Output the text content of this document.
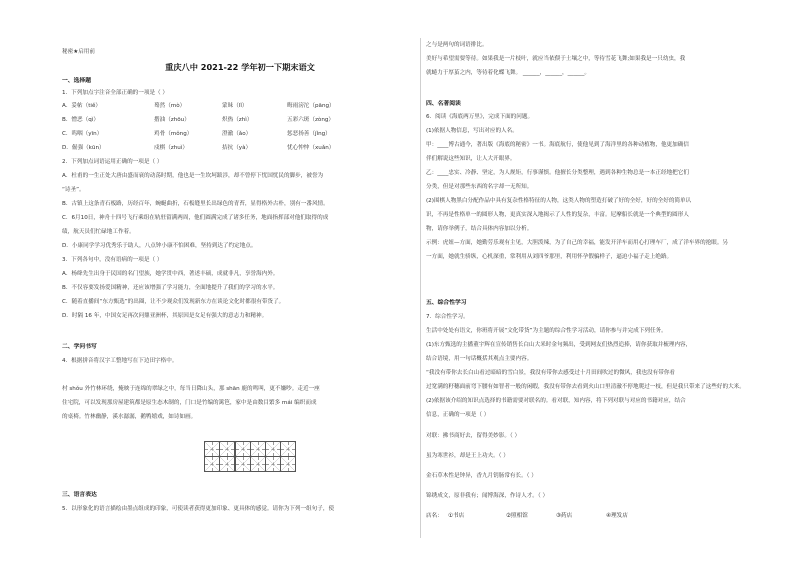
秘密★启用前
重庆八中 2021-22 学年初一下期末语文
一、选择题
1．下列加点字注音全部正确的一项是（ ）
A．妥帖（tiě）	蓦然（mò）	蒙昧（lǐ）	晦雨滂沱（pāng）
B．憎恶（qì）	揩油（zhōu）	炽热（zhì）	五彩六斑（zòng）
C．呜咽（yīn）	鸡骨（mǒng）	澄澈（ǎo）	惩恶扬善（jǐng）
D．倔强（kūn）	戍棋（zhuì）	拮抗（yà）	忧心忡忡（xuǎn）
2．下列加点词语运用正确的一项是（ ）
A．杜甫的一生正处大唐由盛而衰的动荡时期，他也是一生坎坷跋涉，却不曾停下忧国忧民的脚步，被誉为
“诗圣”。
B．古镇上这条青石板路，历经百年，蜿蜒曲折，石板缝里长出绿色的青苔，显得格外古朴，别有一番风情。
C．6月10日，神舟十四号飞行乘组在轨驻留满两周，他们圆满完成了诸多任务，地面指挥部对他们取得的成
绩，航天员们忙碌地工作着。
D．小康同学学习优秀乐于助人，八点钟小康不怕困难，坚持到达了约定地点。
3．下列各句中，没有语病的一项是（ ）
A．杨绛先生出身于民国的名门望族，她学贯中西，著述丰硕，成就非凡，享誉海内外。
B．不仅容要发扬爱国精神，还应该增强了学习能力，全面地提升了我们的学习的水平。
C．随着直播间“东方甄选”的出圈，让不少观众们发现新东方在谈论文化时都很有带货了。
D．时隔 16 年，中国女足再次问鼎亚洲杯，其原因是女足有强大的意志力和精神。
二、学问书写
4．根据拼音将汉字工整地写在下边田字格中。
村 shǒu 外竹林环绕，掩映于连绵的翠绿之中，每当日降山头，那 shān 鹿的鸣叫，更不嫌吵。走近一座
住宅院，可以发现那房屋建筑都是原生态木制的，门口是竹编的篱笆，家中是由数目繁多 mái 编织而成
的桌椅。竹林幽静，溪水潺潺，鹅鸭嬉戏，如诗如画。
三、语言表达
5．以形象化的语言描绘由墨点组成的印象，可使读者获得更加印象、更具体的感觉。请你为下列一组句子，使
之与是两句的词语排比。
美好与希望需要等待。如果我是一片枝叶，就应当依偎于土壤之中，等待雪花飞舞;如果我是一只幼虫，我
就蜷力于厚茧之内，等待着化蝶飞舞。 ______，______，______。
四、名著阅读
6．阅读《海底两万里》，完成下面的问题。
(1)依据人物信息，写出对应的人名。
甲：____博古通今，著出版《海底的秘密》一书。海底航行，使他见到了海洋里的各种动植物，他更加确信
伴们解说这些知识，让人大开眼界。
乙：____忠实、冷静、坚定，为人规矩，行事谨慎。他擅长分类整理，遇到各种生物总是一本正经地把它们
分类，但是对那些东西的名字却一无所知。
(2)围棋人物黑白分配作品中具有复杂性格特征的人物，这类人物的塑造打破了好的全好，好的全好的简单认
识，不再是性格单一的圆形人物，更真实深入地揭示了人性的复杂，丰富。尼摩船长就是一个典型的圆形人
物，请你举例子，结合具体内容加以分析。
示例：虎妞—方面，她勤劳乐观有主见，大胆泼辣，为了自己的幸福，能发开洋车而用心打理车厂，成了洋车界的抢眼。另
一方面，她就生骄纵，心机深重，常利用从刘四爷那里，利用怀孕假骗样子，逼迫小福子走上绝路。
五、综合性学习
7．综合性学习。
生活中处处有语文，你班将开展“文化带货”为主题的综合性学习活动，请你参与并完成下列任务。
(1)东方甄选的主播董宇辉在宣传销售长白山大米时金句频出，受到网友们热烈追捧，请你获取并梳理内容，
结合语境，用一句话概括其观点主要内容。
“我没有带你去长白山看过暗暗的雪白景，我没有带你去感受过十月田间吹过的微风，我也没有带你看
过宽满的籽穗面前弯下腰有如智者一般的闲暇，我没有带你去看到火山口里清澈不停地爬过一枝，但是我只带来了这些好的大米。
(2)依据该介绍的知识点选择的书籍需要对联名的。看对联，知内容，将下列对联与对应的书籍对应，结合
信息，正确的一项是（ ）
对联：拂书商好去，留得美妙影。（ ）
虽为寒世衫，却是王上功夫。（ ）
金石草木性是钟异，香九月钥肠常有长。（ ）
锦绣成文，原非我有；闻博海深，作诗人才。（ ）
店名： ①书店	②照相馆	③药店	④理发店
